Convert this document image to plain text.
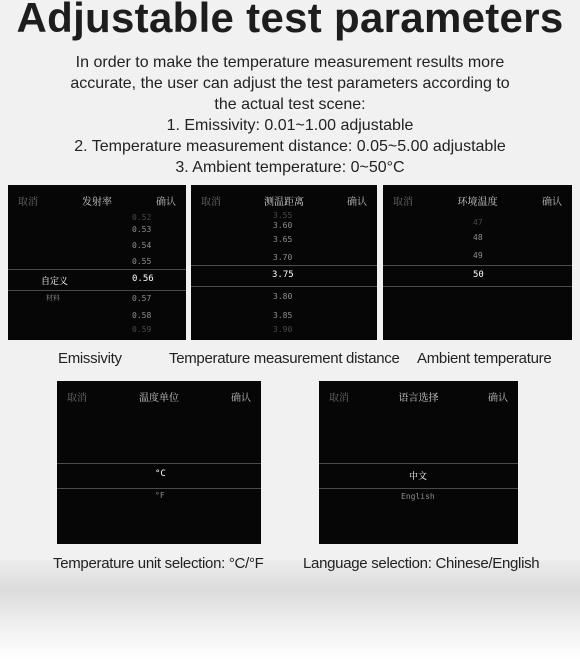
Adjustable test parameters
In order to make the temperature measurement results more
accurate, the user can adjust the test parameters according to
the actual test scene:
1. Emissivity: 0.01~1.00 adjustable
2. Temperature measurement distance: 0.05~5.00 adjustable
3. Ambient temperature: 0~50°C
取消	发射率	确认
0.52
0.53
0.54
0.55
自定义	0.56
材料	0.57
0.58
0.59
取消	测温距离	确认
3.55
3.60
3.65
3.70
3.75
3.80
3.85
3.90
取消	环境温度	确认
47
48
49
50
Emissivity	Temperature measurement distance Ambient temperature
取消	温度单位	确认
°C
°F
取消	语言选择	确认
中文
English
Temperature unit selection: °C/°F	Language selection: Chinese/English
